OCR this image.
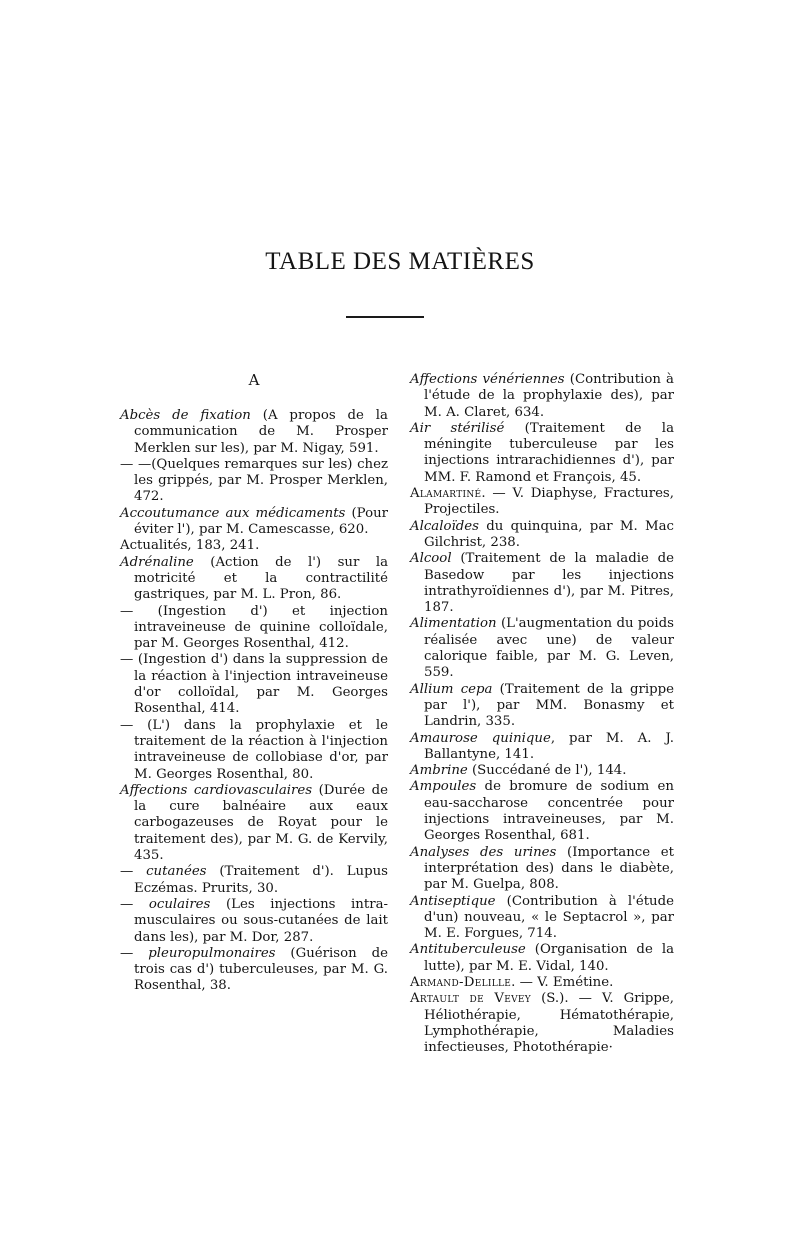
TABLE DES MATIÈRES
A
Abcès de fixation (A propos de la communication de M. Prosper Merklen sur les), par M. Nigay, 591.
— —(Quelques remarques sur les) chez les grippés, par M. Prosper Merklen, 472.
Accoutumance aux médicaments (Pour éviter l'), par M. Camescasse, 620.
Actualités, 183, 241.
Adrénaline (Action de l') sur la motricité et la contractilité gastriques, par M. L. Pron, 86.
— (Ingestion d') et injection intraveineuse de quinine colloïdale, par M. Georges Rosenthal, 412.
— (Ingestion d') dans la suppression de la réaction à l'injection intraveineuse d'or colloïdal, par M. Georges Rosenthal, 414.
— (L') dans la prophylaxie et le traitement de la réaction à l'injection intraveineuse de collobiase d'or, par M. Georges Rosenthal, 80.
Affections cardiovasculaires (Durée de la cure balnéaire aux eaux carbogazeuses de Royat pour le traitement des), par M. G. de Kervily, 435.
— cutanées (Traitement d'). Lupus Eczémas. Prurits, 30.
— oculaires (Les injections intra-musculaires ou sous-cutanées de lait dans les), par M. Dor, 287.
— pleuropulmonaires (Guérison de trois cas d') tuberculeuses, par M. G. Rosenthal, 38.
Affections vénériennes (Contribution à l'étude de la prophylaxie des), par M. A. Claret, 634.
Air stérilisé (Traitement de la méningite tuberculeuse par les injections intrarachidiennes d'), par MM. F. Ramond et François, 45.
Alamartiné. — V. Diaphyse, Fractures, Projectiles.
Alcaloïdes du quinquina, par M. Mac Gilchrist, 238.
Alcool (Traitement de la maladie de Basedow par les injections intrathyroïdiennes d'), par M. Pitres, 187.
Alimentation (L'augmentation du poids réalisée avec une) de valeur calorique faible, par M. G. Leven, 559.
Allium cepa (Traitement de la grippe par l'), par MM. Bonasmy et Landrin, 335.
Amaurose quinique, par M. A. J. Ballantyne, 141.
Ambrine (Succédané de l'), 144.
Ampoules de bromure de sodium en eau-saccharose concentrée pour injections intraveineuses, par M. Georges Rosenthal, 681.
Analyses des urines (Importance et interprétation des) dans le diabète, par M. Guelpa, 808.
Antiseptique (Contribution à l'étude d'un) nouveau, « le Septacrol », par M. E. Forgues, 714.
Antituberculeuse (Organisation de la lutte), par M. E. Vidal, 140.
Armand-Delille. — V. Emétine.
Artault de Vevey (S.). — V. Grippe, Héliothérapie, Hématothérapie, Lymphothérapie, Maladies infectieuses, Photothérapie·
